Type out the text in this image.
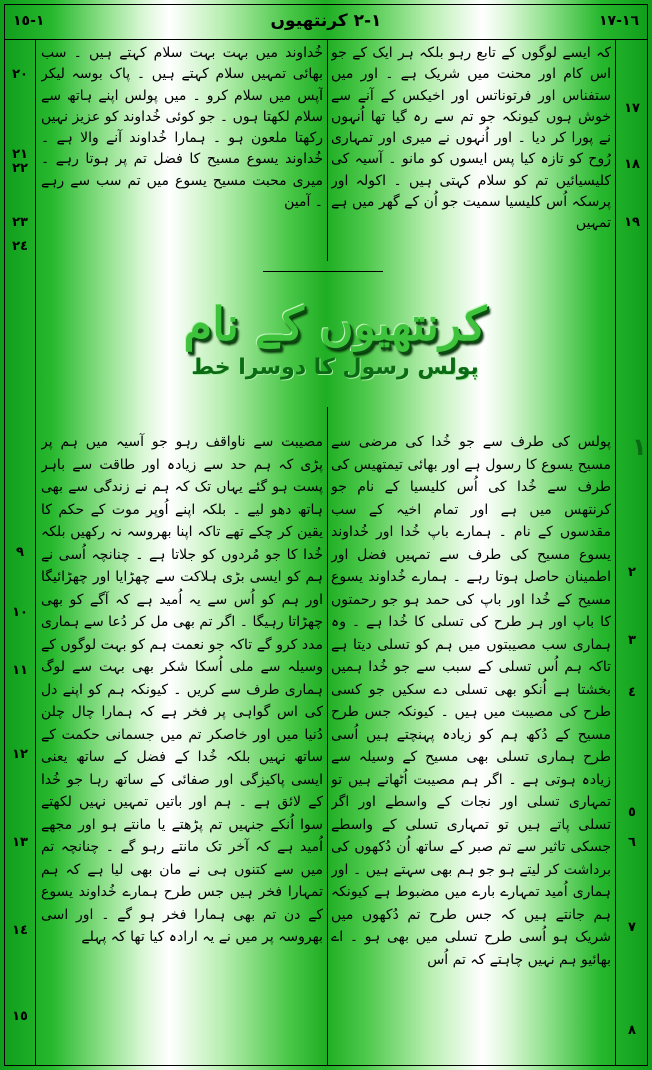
١-١٥	١-٢ کرنتھیوں	١٦-١٧

کہ ایسے لوگوں کے تابع رہو بلکہ ہر ایک کے جو اس کام اور محنت میں شریک ہے ۔ اور میں ستفناس اور فرتوناتس اور اخیکس کے آنے سے خوش ہوں کیونکہ جو تم سے رہ گیا تھا اُنہوں نے پورا کر دیا ۔ اور اُنہوں نے میری اور تمہاری رُوح کو تازہ کیا پس ایسوں کو مانو ۔ آسیہ کی کلیسیائیں تم کو سلام کہتی ہیں ۔ اکولہ اور پرسکہ اُس کلیسیا سمیت جو اُن کے گھر میں ہے تمہیں

خُداوند میں بہت بہت سلام کہتے ہیں ۔ سب بھائی تمہیں سلام کہتے ہیں ۔ پاک بوسہ لیکر آپس میں سلام کرو ۔ میں پولس اپنے ہاتھ سے سلام لکھتا ہوں ۔ جو کوئی خُداوند کو عزیز نہیں رکھتا ملعون ہو ۔ ہمارا خُداوند آنے والا ہے ۔ خُداوند یسوع مسیح کا فضل تم پر ہوتا رہے ۔ میری محبت مسیح یسوع میں تم سب سے رہے ۔ آمین

١٧
١٨
١٩
٢٠
٢١
٢٢
٢٣
٢٤
کرنتھیوں کے نام
پولس رسول کا دوسرا خط
١

پولس کی طرف سے جو خُدا کی مرضی سے مسیح یسوع کا رسول ہے اور بھائی تیمتھیس کی طرف سے خُدا کی اُس کلیسیا کے نام جو کرنتھس میں ہے اور تمام اخیہ کے سب مقدسوں کے نام ۔ ہمارے باپ خُدا اور خُداوند یسوع مسیح کی طرف سے تمہیں فضل اور اطمینان حاصل ہوتا رہے ۔ ہمارے خُداوند یسوع مسیح کے خُدا اور باپ کی حمد ہو جو رحمتوں کا باپ اور ہر طرح کی تسلی کا خُدا ہے ۔ وہ ہماری سب مصیبتوں میں ہم کو تسلی دیتا ہے تاکہ ہم اُس تسلی کے سبب سے جو خُدا ہمیں بخشتا ہے اُنکو بھی تسلی دے سکیں جو کسی طرح کی مصیبت میں ہیں ۔ کیونکہ جس طرح مسیح کے دُکھ ہم کو زیادہ پہنچتے ہیں اُسی طرح ہماری تسلی بھی مسیح کے وسیلہ سے زیادہ ہوتی ہے ۔ اگر ہم مصیبت اُٹھاتے ہیں تو تمہاری تسلی اور نجات کے واسطے اور اگر تسلی پاتے ہیں تو تمہاری تسلی کے واسطے جسکی تاثیر سے تم صبر کے ساتھ اُن دُکھوں کی برداشت کر لیتے ہو جو ہم بھی سہتے ہیں ۔ اور ہماری اُمید تمہارے بارے میں مضبوط ہے کیونکہ ہم جانتے ہیں کہ جس طرح تم دُکھوں میں شریک ہو اُسی طرح تسلی میں بھی ہو ۔ اے بھائیو ہم نہیں چاہتے کہ تم اُس

مصیبت سے ناواقف رہو جو آسیہ میں ہم پر پڑی کہ ہم حد سے زیادہ اور طاقت سے باہر پست ہو گئے یہاں تک کہ ہم نے زندگی سے بھی ہاتھ دھو لیے ۔ بلکہ اپنے اُوپر موت کے حکم کا یقین کر چکے تھے تاکہ اپنا بھروسہ نہ رکھیں بلکہ خُدا کا جو مُردوں کو جلاتا ہے ۔ چنانچہ اُسی نے ہم کو ایسی بڑی ہلاکت سے چھڑایا اور چھڑائیگا اور ہم کو اُس سے یہ اُمید ہے کہ آگے کو بھی چھڑاتا رہیگا ۔ اگر تم بھی مل کر دُعا سے ہماری مدد کرو گے تاکہ جو نعمت ہم کو بہت لوگوں کے وسیلہ سے ملی اُسکا شکر بھی بہت سے لوگ ہماری طرف سے کریں ۔ کیونکہ ہم کو اپنے دل کی اس گواہی پر فخر ہے کہ ہمارا چال چلن دُنیا میں اور خاصکر تم میں جسمانی حکمت کے ساتھ نہیں بلکہ خُدا کے فضل کے ساتھ یعنی ایسی پاکیزگی اور صفائی کے ساتھ رہا جو خُدا کے لائق ہے ۔ ہم اور باتیں تمہیں نہیں لکھتے سوا اُنکے جنہیں تم پڑھتے یا مانتے ہو اور مجھے اُمید ہے کہ آخر تک مانتے رہو گے ۔ چنانچہ تم میں سے کتنوں ہی نے مان بھی لیا ہے کہ ہم تمہارا فخر ہیں جس طرح ہمارے خُداوند یسوع کے دن تم بھی ہمارا فخر ہو گے ۔ اور اسی بھروسہ پر میں نے یہ ارادہ کیا تھا کہ پہلے

٢
٣
٤
٥
٦
٧
٨
٩
١٠
١١
١٢
١٣
١٤
١٥
